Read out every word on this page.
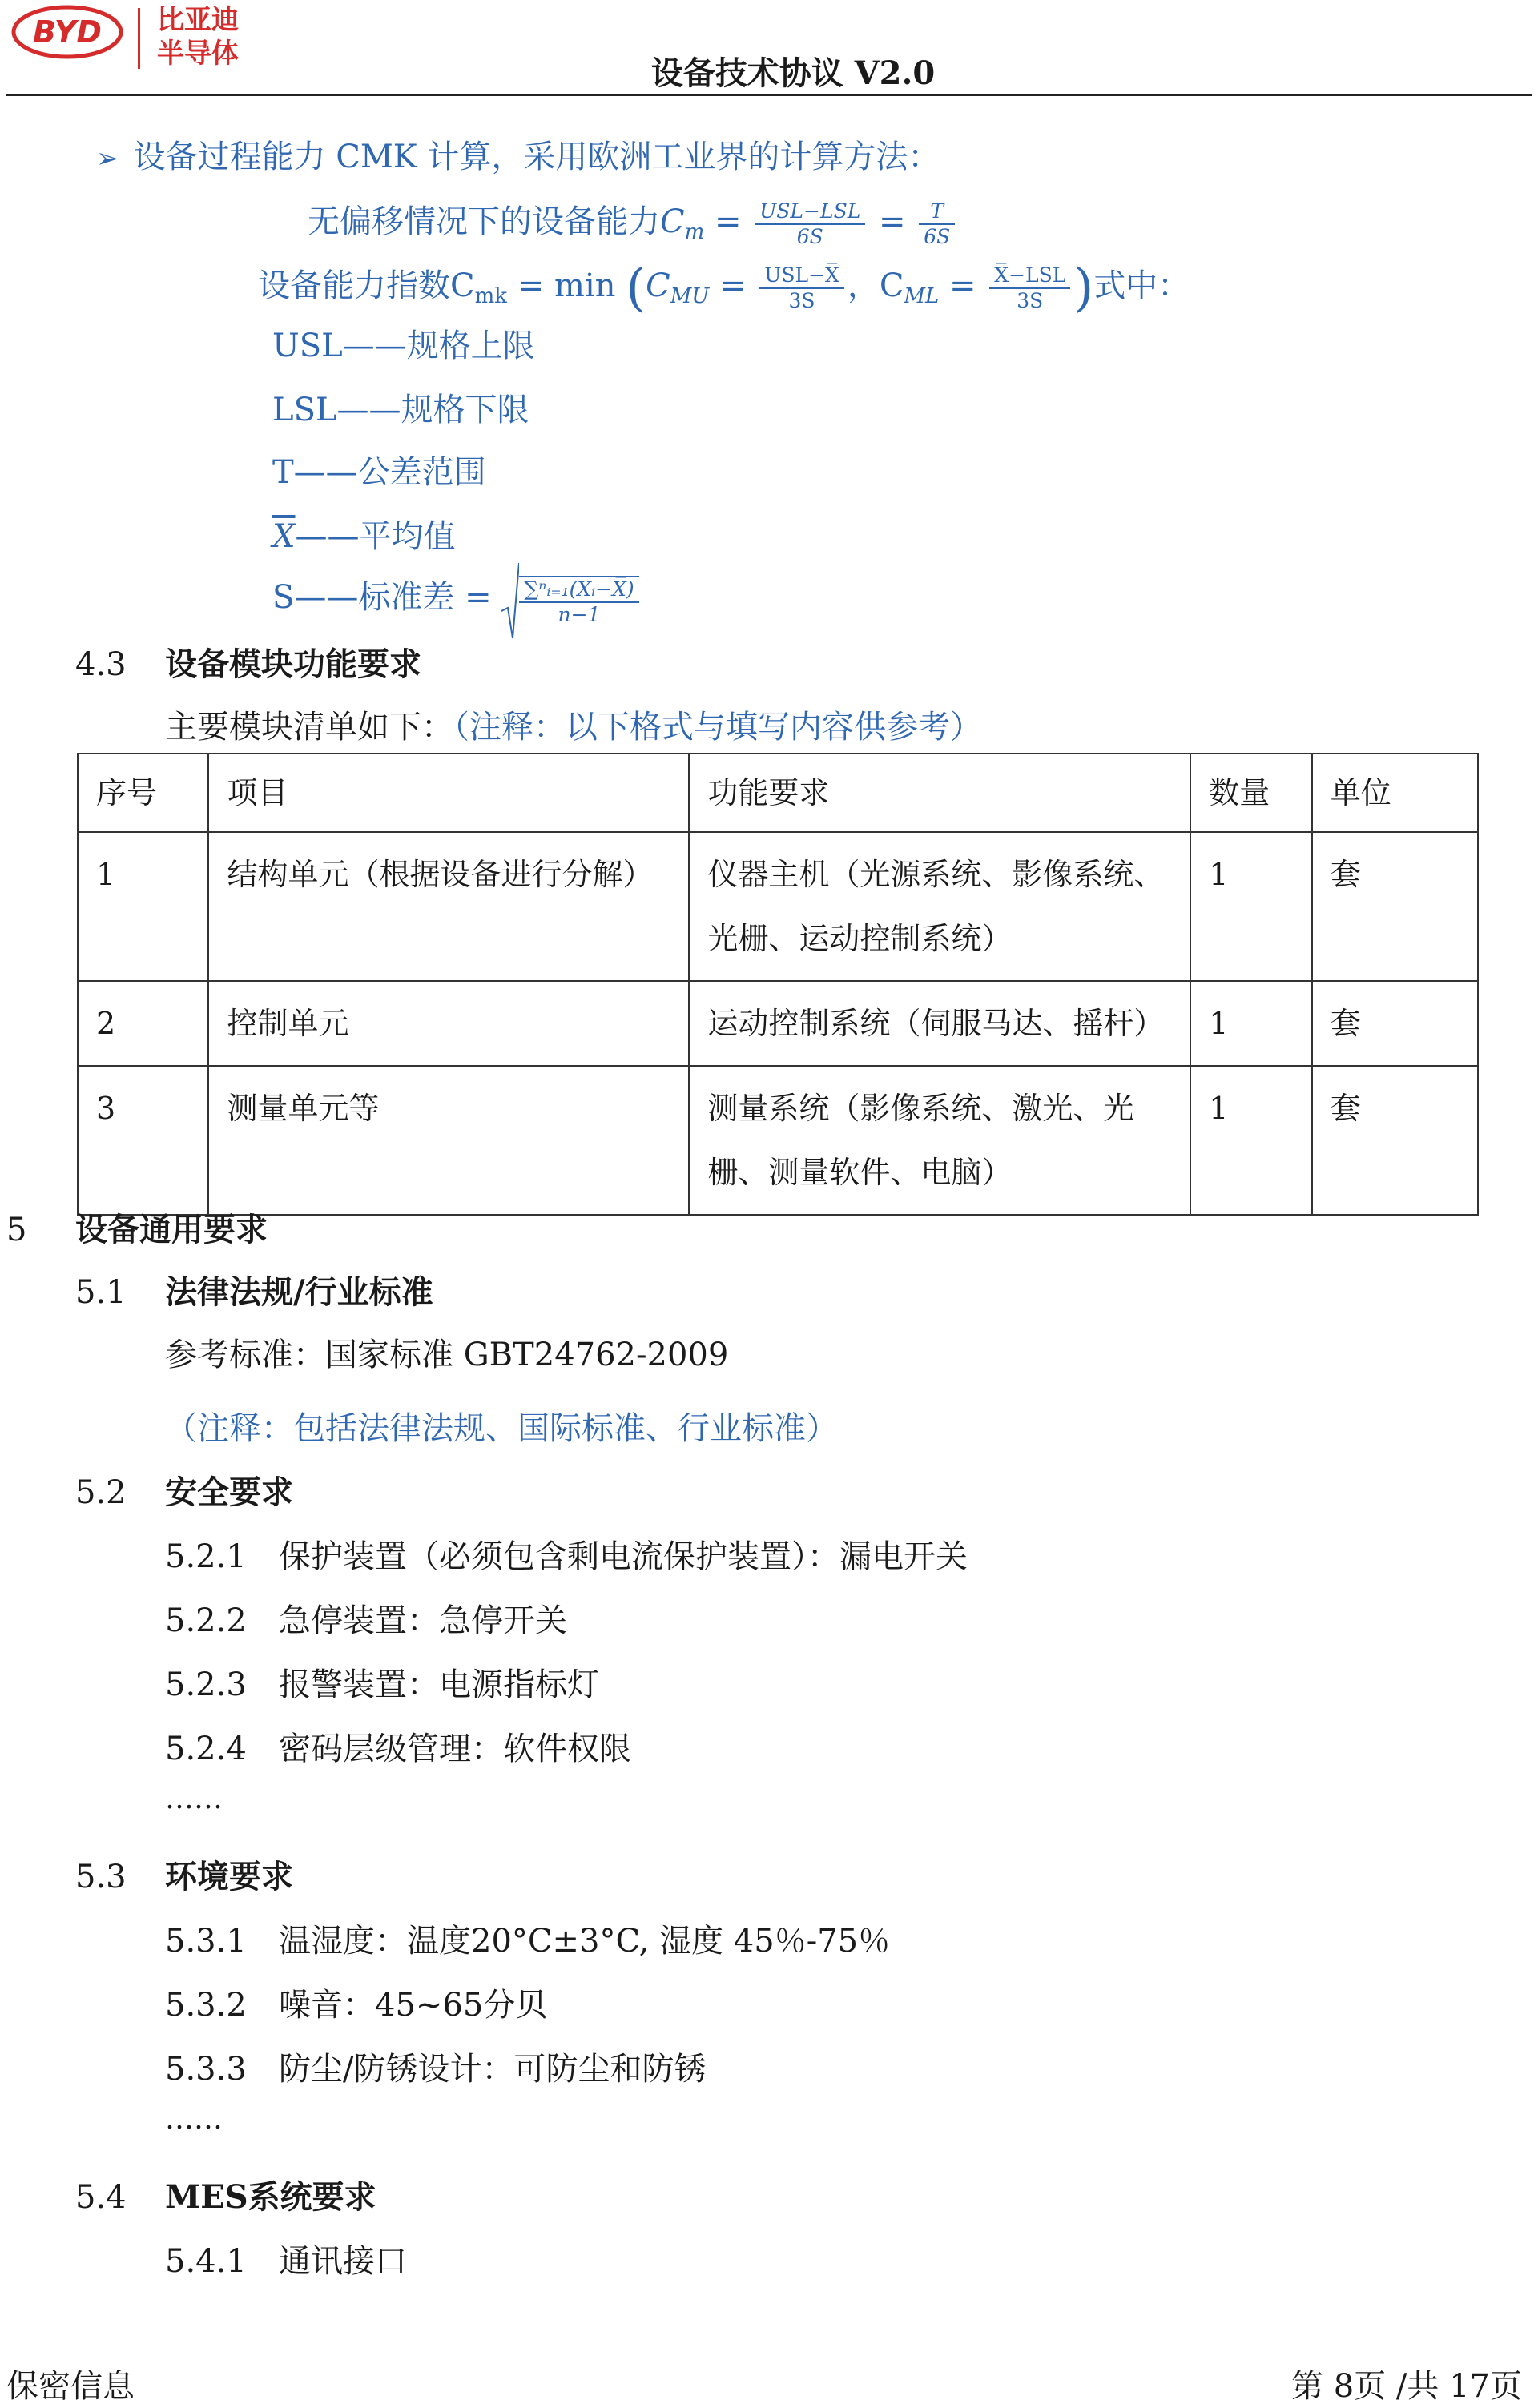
BYD 比亚迪
半导体
设备技术协议 V2.0
➢ 设备过程能力 CMK 计算，采用欧洲工业界的计算方法：
无偏移情况下的设备能力$C_m = \frac{\text{USL−LSL}}{6S} = \frac{T}{6S}$
设备能力指数$C_{mk} = \min (C_{MU} = \frac{\text{USL−X̅}}{3S}$ ，$C_{ML} = \frac{\text{X̅−LSL}}{3S}$ )式中：
USL——规格上限
LSL——规格下限
T——公差范围
$\overline{X}——$平均值
S——标准差 = $\frac{\text{∑ⁿᵢ₌₁(Xᵢ−X̅)}}{n-1}$
4.3 设备模块功能要求
主要模块清单如下：（注释：以下格式与填写内容供参考）
序号	项目	功能要求	数量	单位
1	结构单元（根据设备进行分解）	仪器主机（光源系统、影像系统、光栅、运动控制系统）	1	套
2	控制单元	运动控制系统（伺服马达、摇杆）	1	套
3	测量单元等	测量系统（影像系统、激光、光栅、测量软件、电脑）	1	套
5 设备通用要求
5.1 法律法规/行业标准
参考标准：国家标准 GBT24762-2009
（注释：包括法律法规、国际标准、行业标准）
5.2 安全要求
5.2.1 保护装置（必须包含剩电流保护装置）：漏电开关
5.2.2 急停装置：急停开关
5.2.3 报警装置：电源指标灯
5.2.4 密码层级管理：软件权限
……
5.3 环境要求
5.3.1 温湿度：温度20°C±3°C, 湿度 45％-75％
5.3.2 噪音：45~65分贝
5.3.3 防尘/防锈设计：可防尘和防锈
……
5.4 MES系统要求
5.4.1 通讯接口
保密信息	第 8页 /共 17页
